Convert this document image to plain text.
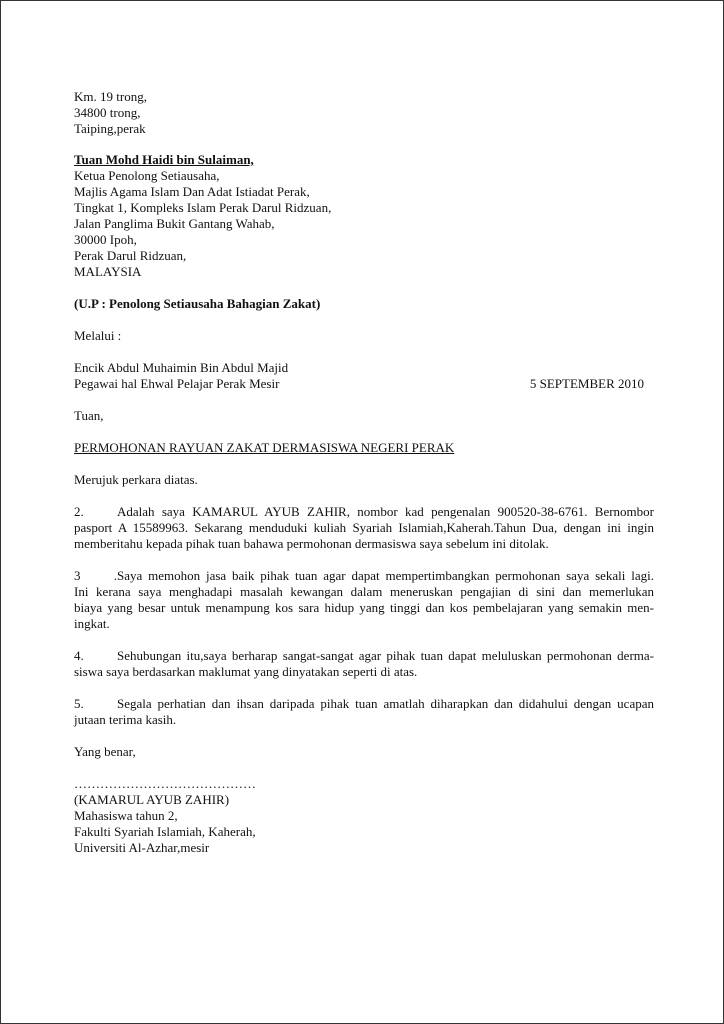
Km. 19 trong,
34800 trong,
Taiping,perak
Tuan Mohd Haidi bin Sulaiman,
Ketua Penolong Setiausaha,
Majlis Agama Islam Dan Adat Istiadat Perak,
Tingkat 1, Kompleks Islam Perak Darul Ridzuan,
Jalan Panglima Bukit Gantang Wahab,
30000 Ipoh,
Perak Darul Ridzuan,
MALAYSIA
(U.P : Penolong Setiausaha Bahagian Zakat)
Melalui :
Encik Abdul Muhaimin Bin Abdul Majid
Pegawai hal Ehwal Pelajar Perak Mesir	5 SEPTEMBER 2010
Tuan,
PERMOHONAN RAYUAN ZAKAT DERMASISWA NEGERI PERAK
Merujuk perkara diatas.
2.	Adalah saya KAMARUL AYUB ZAHIR, nombor kad pengenalan 900520-38-6761. Bernombor
pasport A 15589963. Sekarang menduduki kuliah Syariah Islamiah,Kaherah.Tahun Dua, dengan ini ingin
memberitahu kepada pihak tuan bahawa permohonan dermasiswa saya sebelum ini ditolak.
3 .Saya memohon jasa baik pihak tuan agar dapat mempertimbangkan permohonan saya sekali lagi.
Ini kerana saya menghadapi masalah kewangan dalam meneruskan pengajian di sini dan memerlukan
biaya yang besar untuk menampung kos sara hidup yang tinggi dan kos pembelajaran yang semakin men-
ingkat.
4.	Sehubungan itu,saya berharap sangat-sangat agar pihak tuan dapat meluluskan permohonan derma-
siswa saya berdasarkan maklumat yang dinyatakan seperti di atas.
5.	Segala perhatian dan ihsan daripada pihak tuan amatlah diharapkan dan didahului dengan ucapan
jutaan terima kasih.
Yang benar,
……………………………………
(KAMARUL AYUB ZAHIR)
Mahasiswa tahun 2,
Fakulti Syariah Islamiah, Kaherah,
Universiti Al-Azhar,mesir
